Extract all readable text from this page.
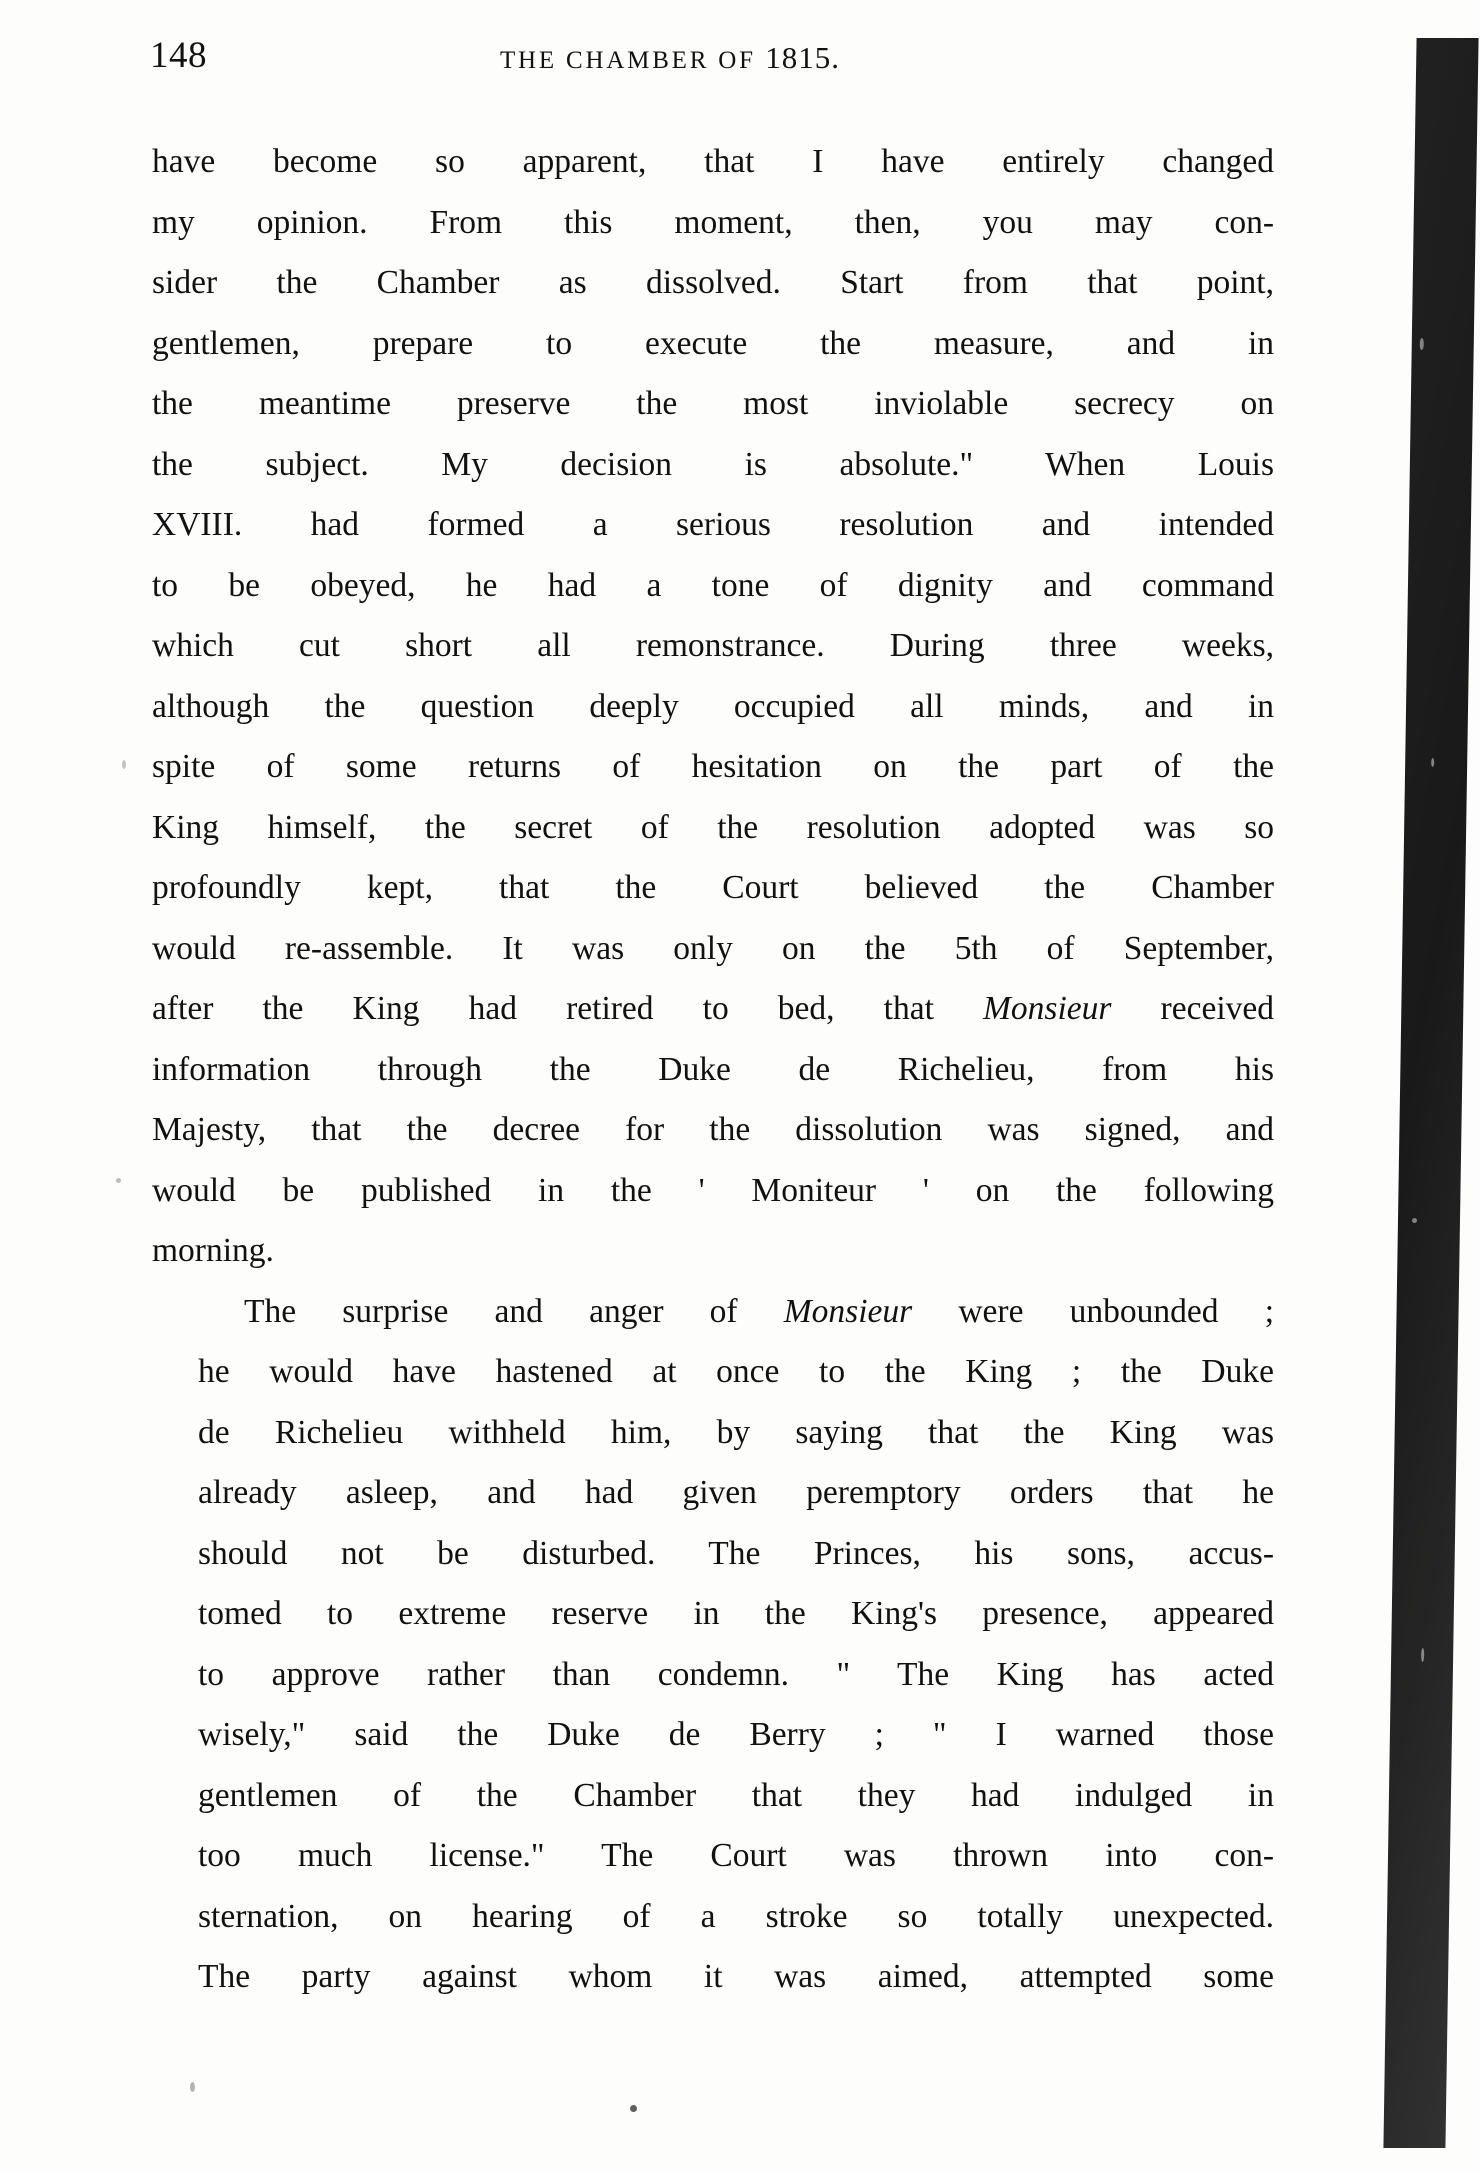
148	THE CHAMBER OF 1815.

have become so apparent, that I have entirely changed
my opinion. From this moment, then, you may con-
sider the Chamber as dissolved. Start from that point,
gentlemen, prepare to execute the measure, and in
the meantime preserve the most inviolable secrecy on
the subject. My decision is absolute." When Louis
XVIII. had formed a serious resolution and intended
to be obeyed, he had a tone of dignity and command
which cut short all remonstrance. During three weeks,
although the question deeply occupied all minds, and in
spite of some returns of hesitation on the part of the
King himself, the secret of the resolution adopted was so
profoundly kept, that the Court believed the Chamber
would re-assemble. It was only on the 5th of September,
after the King had retired to bed, that Monsieur received
information through the Duke de Richelieu, from his
Majesty, that the decree for the dissolution was signed, and
would be published in the ' Moniteur ' on the following
morning.

The surprise and anger of Monsieur were unbounded ;
he would have hastened at once to the King ; the Duke
de Richelieu withheld him, by saying that the King was
already asleep, and had given peremptory orders that he
should not be disturbed. The Princes, his sons, accus-
tomed to extreme reserve in the King's presence, appeared
to approve rather than condemn. " The King has acted
wisely," said the Duke de Berry ; " I warned those
gentlemen of the Chamber that they had indulged in
too much license." The Court was thrown into con-
sternation, on hearing of a stroke so totally unexpected.
The party against whom it was aimed, attempted some
